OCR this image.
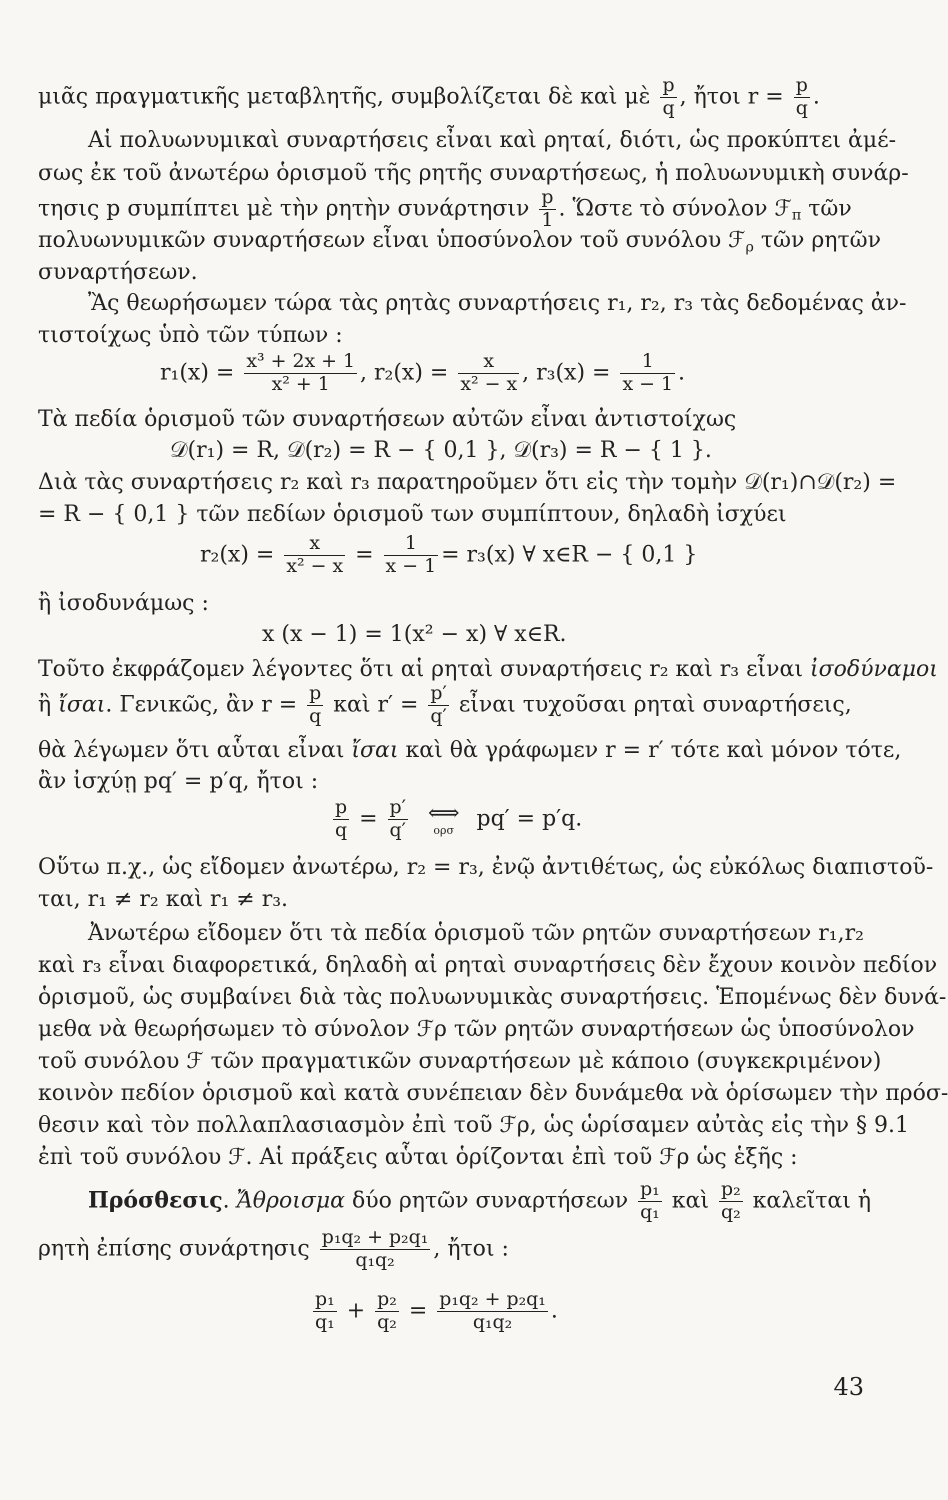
μιᾶς πραγματικῆς μεταβλητῆς, συμβολίζεται δὲ καὶ μὲ $\frac{p}{q}$ , ἤτοι $r = \frac{p}{q}$ .
Αἱ πολυωνυμικαὶ συναρτήσεις εἶναι καὶ ρηταί, διότι, ὡς προκύπτει ἀμέ-
σως ἐκ τοῦ ἀνωτέρω ὁρισμοῦ τῆς ρητῆς συναρτήσεως, ἡ πολυωνυμικὴ συνάρ-
τησις p συμπίπτει μὲ τὴν ρητὴν συνάρτησιν $\frac{p}{1}$ . Ὥστε τὸ σύνολον ℱ$_\pi$ τῶν
πολυωνυμικῶν συναρτήσεων εἶναι ὑποσύνολον τοῦ συνόλου ℱ$_\rho$ τῶν ρητῶν
συναρτήσεων.
Ἂς θεωρήσωμεν τώρα τὰς ρητὰς συναρτήσεις r₁, r₂, r₃ τὰς δεδομένας ἀν-
τιστοίχως ὑπὸ τῶν τύπων :
$r_1(x) = \frac{\text{x³ + 2x + 1}}{\text{x² + 1}}$ , $r_2(x) = \frac{x}{\text{x² − x}}$ , $r_3(x) = \frac{1}{x - 1}$ .
Τὰ πεδία ὁρισμοῦ τῶν συναρτήσεων αὐτῶν εἶναι ἀντιστοίχως
𝒟(r₁) = R, 𝒟(r₂) = R − { 0,1 }, 𝒟(r₃) = R − { 1 }.
Διὰ τὰς συναρτήσεις r₂ καὶ r₃ παρατηροῦμεν ὅτι εἰς τὴν τομὴν 𝒟(r₁)∩𝒟(r₂) =
= R − { 0,1 } τῶν πεδίων ὁρισμοῦ των συμπίπτουν, δηλαδὴ ἰσχύει
$r_2(x) = \frac{x}{\text{x² − x}} = \frac{1}{x - 1} = r_3(x)$ ∀ x∈R − { 0,1 }
ἢ ἰσοδυνάμως :
x (x − 1) = 1(x² − x) ∀ x∈R.
Τοῦτο ἐκφράζομεν λέγοντες ὅτι αἱ ρηταὶ συναρτήσεις r₂ καὶ r₃ εἶναι ἰσοδύναμοι
ἢ ἴσαι. Γενικῶς, ἂν $r = \frac{p}{q}$ καὶ $r' = \frac{p'}{q'}$ εἶναι τυχοῦσαι ρηταὶ συναρτήσεις,
θὰ λέγωμεν ὅτι αὗται εἶναι ἴσαι καὶ θὰ γράφωμεν r = r′ τότε καὶ μόνον τότε,
ἂν ἰσχύῃ pq′ = p′q, ἤτοι :
$\frac{p}{q} = \frac{p'}{q'}$
⟺
ορσ pq′ = p′q.
Οὕτω π.χ., ὡς εἴδομεν ἀνωτέρω, r₂ = r₃, ἐνῷ ἀντιθέτως, ὡς εὐκόλως διαπιστοῦ-
ται, r₁ ≠ r₂ καὶ r₁ ≠ r₃.
Ἀνωτέρω εἴδομεν ὅτι τὰ πεδία ὁρισμοῦ τῶν ρητῶν συναρτήσεων r₁,r₂
καὶ r₃ εἶναι διαφορετικά, δηλαδὴ αἱ ρηταὶ συναρτήσεις δὲν ἔχουν κοινὸν πεδίον
ὁρισμοῦ, ὡς συμβαίνει διὰ τὰς πολυωνυμικὰς συναρτήσεις. Ἑπομένως δὲν δυνά-
μεθα νὰ θεωρήσωμεν τὸ σύνολον ℱρ τῶν ρητῶν συναρτήσεων ὡς ὑποσύνολον
τοῦ συνόλου ℱ τῶν πραγματικῶν συναρτήσεων μὲ κάποιο (συγκεκριμένον)
κοινὸν πεδίον ὁρισμοῦ καὶ κατὰ συνέπειαν δὲν δυνάμεθα νὰ ὁρίσωμεν τὴν πρόσ-
θεσιν καὶ τὸν πολλαπλασιασμὸν ἐπὶ τοῦ ℱρ, ὡς ὡρίσαμεν αὐτὰς εἰς τὴν § 9.1
ἐπὶ τοῦ συνόλου ℱ. Αἱ πράξεις αὗται ὁρίζονται ἐπὶ τοῦ ℱρ ὡς ἑξῆς :
Πρόσθεσις. Ἄθροισμα δύο ρητῶν συναρτήσεων $\frac{\text{p₁}}{\text{q₁}}$ καὶ $\frac{\text{p₂}}{\text{q₂}}$ καλεῖται ἡ
ρητὴ ἐπίσης συνάρτησις $\frac{\text{p₁q₂ + p₂q₁}}{\text{q₁q₂}}$ , ἤτοι :
$\frac{\text{p₁}}{\text{q₁}} + \frac{\text{p₂}}{\text{q₂}} = \frac{\text{p₁q₂ + p₂q₁}}{\text{q₁q₂}}$ .
43
